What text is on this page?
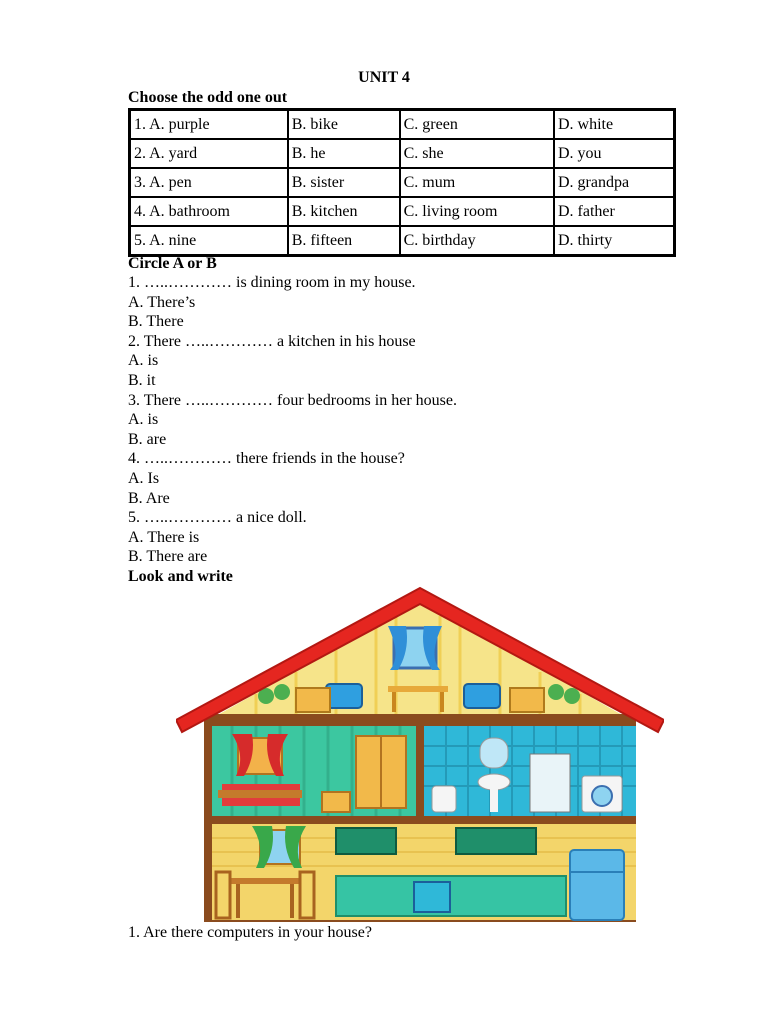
UNIT 4
Choose the odd one out
1. A. purple	B. bike	C. green	D. white
2. A. yard	B. he	C. she	D. you
3. A. pen	B. sister	C. mum	D. grandpa
4. A. bathroom	B. kitchen	C. living room	D. father
5. A. nine	B. fifteen	C. birthday	D. thirty
Circle A or B
1. …..………… is dining room in my house.
A. There’s
B. There
2. There …..………… a kitchen in his house
A. is
B. it
3. There …..………… four bedrooms in her house.
A. is
B. are
4. …..………… there friends in the house?
A. Is
B. Are
5. …..………… a nice doll.
A. There is
B. There are
Look and write
1. Are there computers in your house?
